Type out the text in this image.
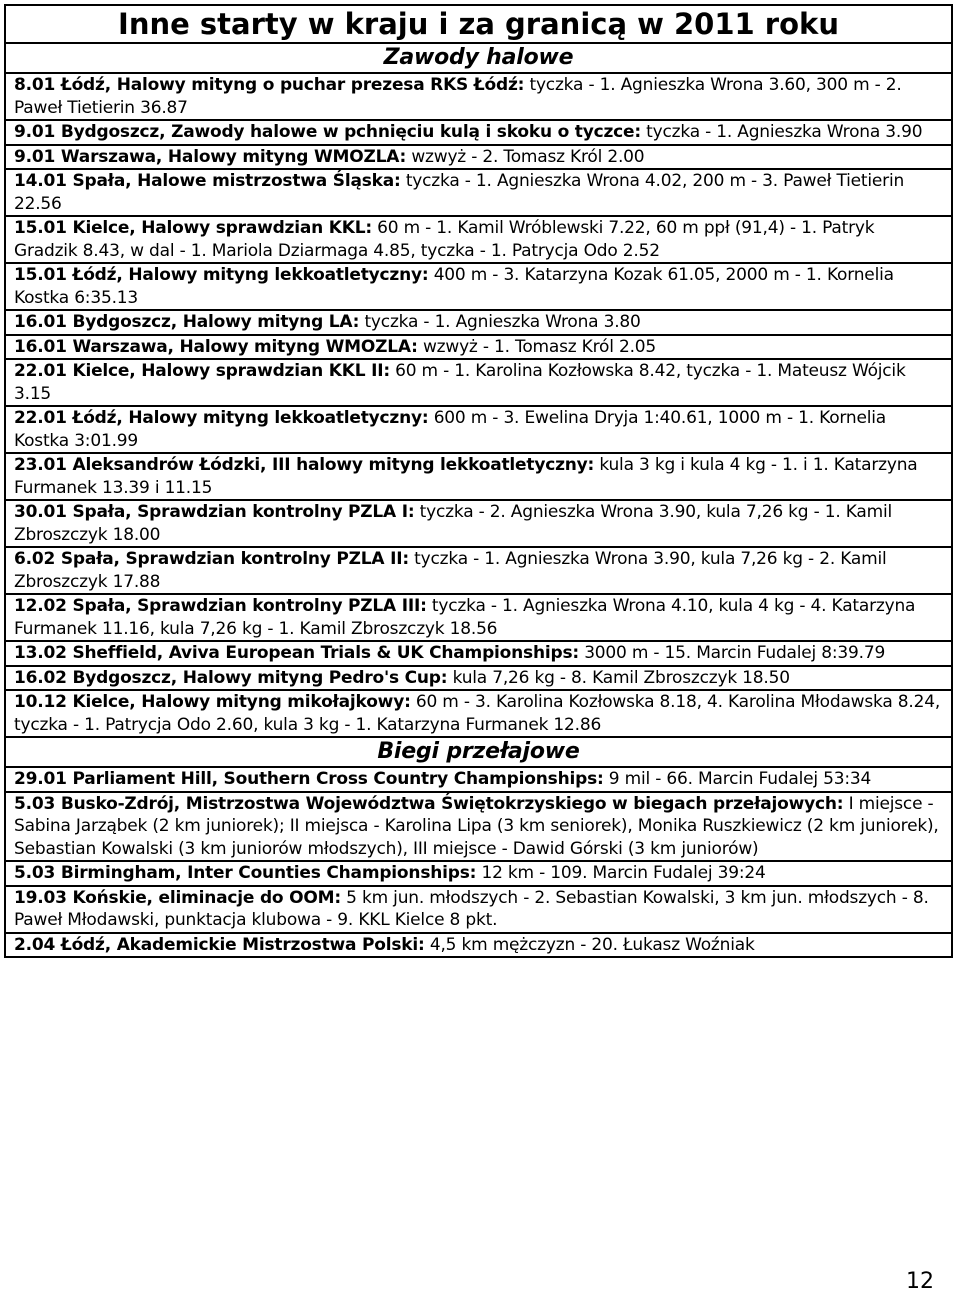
Inne starty w kraju i za granicą w 2011 roku
Zawody halowe
8.01 Łódź, Halowy mityng o puchar prezesa RKS Łódź: tyczka - 1. Agnieszka Wrona 3.60, 300 m - 2. Paweł Tietierin 36.87
9.01 Bydgoszcz, Zawody halowe w pchnięciu kulą i skoku o tyczce: tyczka - 1. Agnieszka Wrona 3.90
9.01 Warszawa, Halowy mityng WMOZLA: wzwyż - 2. Tomasz Król 2.00
14.01 Spała, Halowe mistrzostwa Śląska: tyczka - 1. Agnieszka Wrona 4.02, 200 m - 3. Paweł Tietierin 22.56
15.01 Kielce, Halowy sprawdzian KKL: 60 m - 1. Kamil Wróblewski 7.22, 60 m ppł (91,4) - 1. Patryk Gradzik 8.43, w dal - 1. Mariola Dziarmaga 4.85, tyczka - 1. Patrycja Odo 2.52
15.01 Łódź, Halowy mityng lekkoatletyczny: 400 m - 3. Katarzyna Kozak 61.05, 2000 m - 1. Kornelia Kostka 6:35.13
16.01 Bydgoszcz, Halowy mityng LA: tyczka - 1. Agnieszka Wrona 3.80
16.01 Warszawa, Halowy mityng WMOZLA: wzwyż - 1. Tomasz Król 2.05
22.01 Kielce, Halowy sprawdzian KKL II: 60 m - 1. Karolina Kozłowska 8.42, tyczka - 1. Mateusz Wójcik 3.15
22.01 Łódź, Halowy mityng lekkoatletyczny: 600 m - 3. Ewelina Dryja 1:40.61, 1000 m - 1. Kornelia Kostka 3:01.99
23.01 Aleksandrów Łódzki, III halowy mityng lekkoatletyczny: kula 3 kg i kula 4 kg - 1. i 1. Katarzyna Furmanek 13.39 i 11.15
30.01 Spała, Sprawdzian kontrolny PZLA I: tyczka - 2. Agnieszka Wrona 3.90, kula 7,26 kg - 1. Kamil Zbroszczyk 18.00
6.02 Spała, Sprawdzian kontrolny PZLA II: tyczka - 1. Agnieszka Wrona 3.90, kula 7,26 kg - 2. Kamil Zbroszczyk 17.88
12.02 Spała, Sprawdzian kontrolny PZLA III: tyczka - 1. Agnieszka Wrona 4.10, kula 4 kg - 4. Katarzyna Furmanek 11.16, kula 7,26 kg - 1. Kamil Zbroszczyk 18.56
13.02 Sheffield, Aviva European Trials & UK Championships: 3000 m - 15. Marcin Fudalej 8:39.79
16.02 Bydgoszcz, Halowy mityng Pedro's Cup: kula 7,26 kg - 8. Kamil Zbroszczyk 18.50
10.12 Kielce, Halowy mityng mikołajkowy: 60 m - 3. Karolina Kozłowska 8.18, 4. Karolina Młodawska 8.24, tyczka - 1. Patrycja Odo 2.60, kula 3 kg - 1. Katarzyna Furmanek 12.86
Biegi przełajowe
29.01 Parliament Hill, Southern Cross Country Championships: 9 mil - 66. Marcin Fudalej 53:34
5.03 Busko-Zdrój, Mistrzostwa Województwa Świętokrzyskiego w biegach przełajowych: I miejsce - Sabina Jarząbek (2 km juniorek); II miejsca - Karolina Lipa (3 km seniorek), Monika Ruszkiewicz (2 km juniorek), Sebastian Kowalski (3 km juniorów młodszych), III miejsce - Dawid Górski (3 km juniorów)
5.03 Birmingham, Inter Counties Championships: 12 km - 109. Marcin Fudalej 39:24
19.03 Końskie, eliminacje do OOM: 5 km jun. młodszych - 2. Sebastian Kowalski, 3 km jun. młodszych - 8. Paweł Młodawski, punktacja klubowa - 9. KKL Kielce 8 pkt.
2.04 Łódź, Akademickie Mistrzostwa Polski: 4,5 km mężczyzn - 20. Łukasz Woźniak
12
